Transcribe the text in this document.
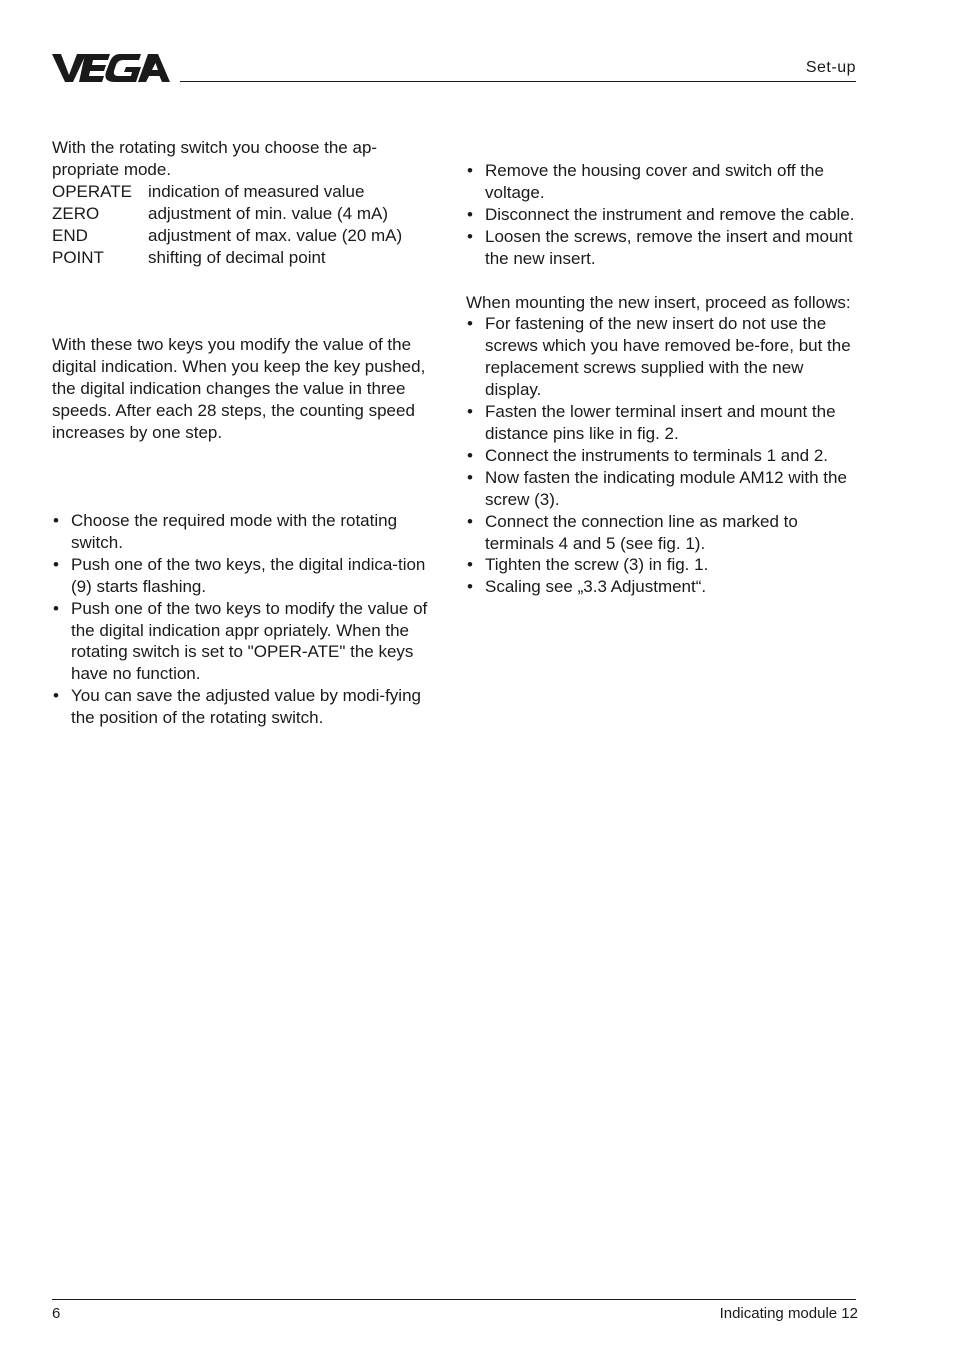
Set-up

With the rotating switch you choose the ap-propriate mode.

OPERATE indication of measured value
ZERO	adjustment of min. value (4 mA)
END	adjustment of max. value (20 mA)
POINT	shifting of decimal point

With these two keys you modify the value of the digital indication. When you keep the key pushed, the digital indication changes the value in three speeds. After each 28 steps, the counting speed increases by one step.

• Choose the required mode with the rotating switch.
• Push one of the two keys, the digital indica-tion (9) starts flashing.
• Push one of the two keys to modify the value of the digital indication appr opriately. When the rotating switch is set to "OPER-ATE" the keys have no function.
• You can save the adjusted value by modi-fying the position of the rotating switch.
• Remove the housing cover and switch off the voltage.
• Disconnect the instrument and remove the cable.
• Loosen the screws, remove the insert and mount the new insert.

When mounting the new insert, proceed as follows:

• For fastening of the new insert do not use the screws which you have removed be-fore, but the replacement screws supplied with the new display.
• Fasten the lower terminal insert and mount the distance pins like in fig. 2.
• Connect the instruments to terminals 1 and 2.
• Now fasten the indicating module AM12 with the screw (3).
• Connect the connection line as marked to terminals 4 and 5 (see fig. 1).
• Tighten the screw (3) in fig. 1.
• Scaling see „3.3 Adjustment“.
6	Indicating module 12
